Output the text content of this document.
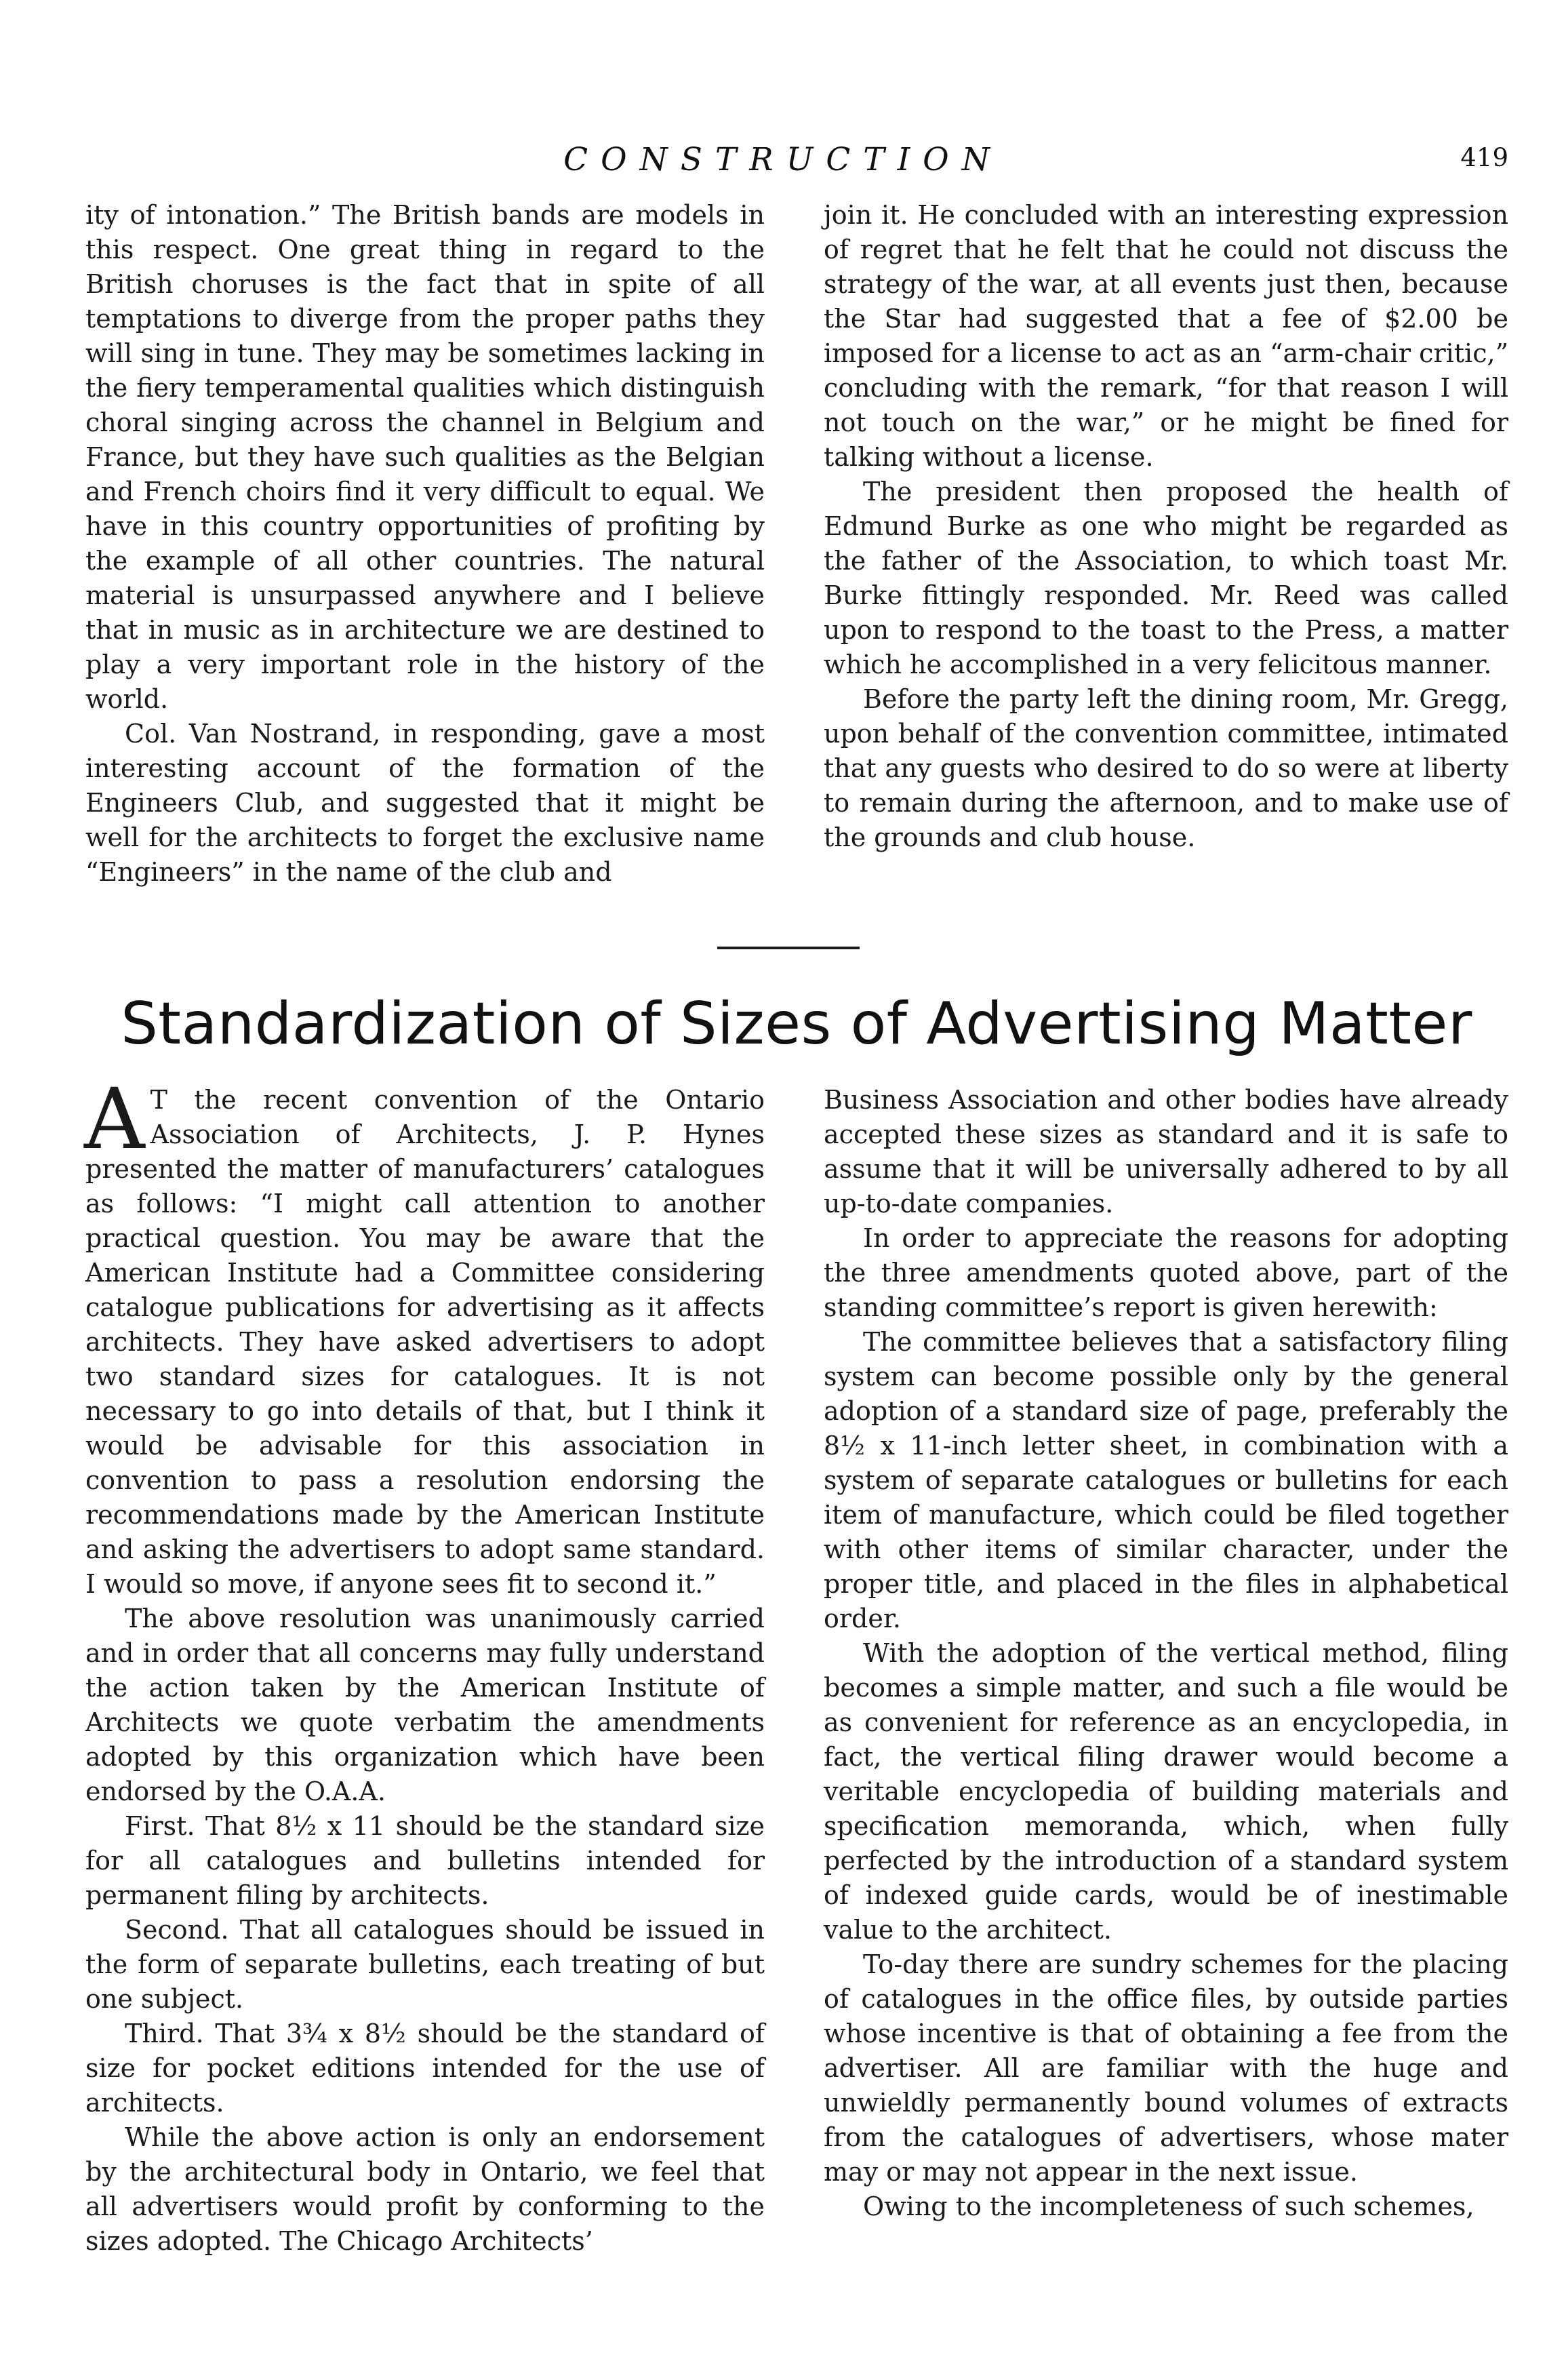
CONSTRUCTION	419

ity of intonation.” The British bands are models in this respect. One great thing in regard to the British choruses is the fact that in spite of all temptations to diverge from the proper paths they will sing in tune. They may be sometimes lacking in the fiery temperamental qualities which distinguish choral singing across the channel in Belgium and France, but they have such qualities as the Belgian and French choirs find it very difficult to equal. We have in this country opportunities of profiting by the example of all other countries. The natural material is unsurpassed anywhere and I believe that in music as in architecture we are destined to play a very important role in the history of the world.

Col. Van Nostrand, in responding, gave a most interesting account of the formation of the Engineers Club, and suggested that it might be well for the architects to forget the exclusive name “Engineers” in the name of the club and

join it. He concluded with an interesting expression of regret that he felt that he could not discuss the strategy of the war, at all events just then, because the Star had suggested that a fee of $2.00 be imposed for a license to act as an “arm-chair critic,” concluding with the remark, “for that reason I will not touch on the war,” or he might be fined for talking without a license.

The president then proposed the health of Edmund Burke as one who might be regarded as the father of the Association, to which toast Mr. Burke fittingly responded. Mr. Reed was called upon to respond to the toast to the Press, a matter which he accomplished in a very felicitous manner.

Before the party left the dining room, Mr. Gregg, upon behalf of the convention committee, intimated that any guests who desired to do so were at liberty to remain during the afternoon, and to make use of the grounds and club house.

Standardization of Sizes of Advertising Matter

A T the recent convention of the Ontario Association of Architects, J. P. Hynes presented the matter of manufacturers’ catalogues as follows: “I might call attention to another practical question. You may be aware that the American Institute had a Committee considering catalogue publications for advertising as it affects architects. They have asked advertisers to adopt two standard sizes for catalogues. It is not necessary to go into details of that, but I think it would be advisable for this association in convention to pass a resolution endorsing the recommendations made by the American Institute and asking the advertisers to adopt same standard. I would so move, if anyone sees fit to second it.”

The above resolution was unanimously carried and in order that all concerns may fully understand the action taken by the American Institute of Architects we quote verbatim the amendments adopted by this organization which have been endorsed by the O.A.A.

First. That 8½ x 11 should be the standard size for all catalogues and bulletins intended for permanent filing by architects.

Second. That all catalogues should be issued in the form of separate bulletins, each treating of but one subject.

Third. That 3¾ x 8½ should be the standard of size for pocket editions intended for the use of architects.

While the above action is only an endorsement by the architectural body in Ontario, we feel that all advertisers would profit by conforming to the sizes adopted. The Chicago Architects’

Business Association and other bodies have already accepted these sizes as standard and it is safe to assume that it will be universally adhered to by all up-to-date companies.

In order to appreciate the reasons for adopting the three amendments quoted above, part of the standing committee’s report is given herewith:

The committee believes that a satisfactory filing system can become possible only by the general adoption of a standard size of page, preferably the 8½ x 11-inch letter sheet, in combination with a system of separate catalogues or bulletins for each item of manufacture, which could be filed together with other items of similar character, under the proper title, and placed in the files in alphabetical order.

With the adoption of the vertical method, filing becomes a simple matter, and such a file would be as convenient for reference as an encyclopedia, in fact, the vertical filing drawer would become a veritable encyclopedia of building materials and specification memoranda, which, when fully perfected by the introduction of a standard system of indexed guide cards, would be of inestimable value to the architect.

To-day there are sundry schemes for the placing of catalogues in the office files, by outside parties whose incentive is that of obtaining a fee from the advertiser. All are familiar with the huge and unwieldly permanently bound volumes of extracts from the catalogues of advertisers, whose mater may or may not appear in the next issue.

Owing to the incompleteness of such schemes,
